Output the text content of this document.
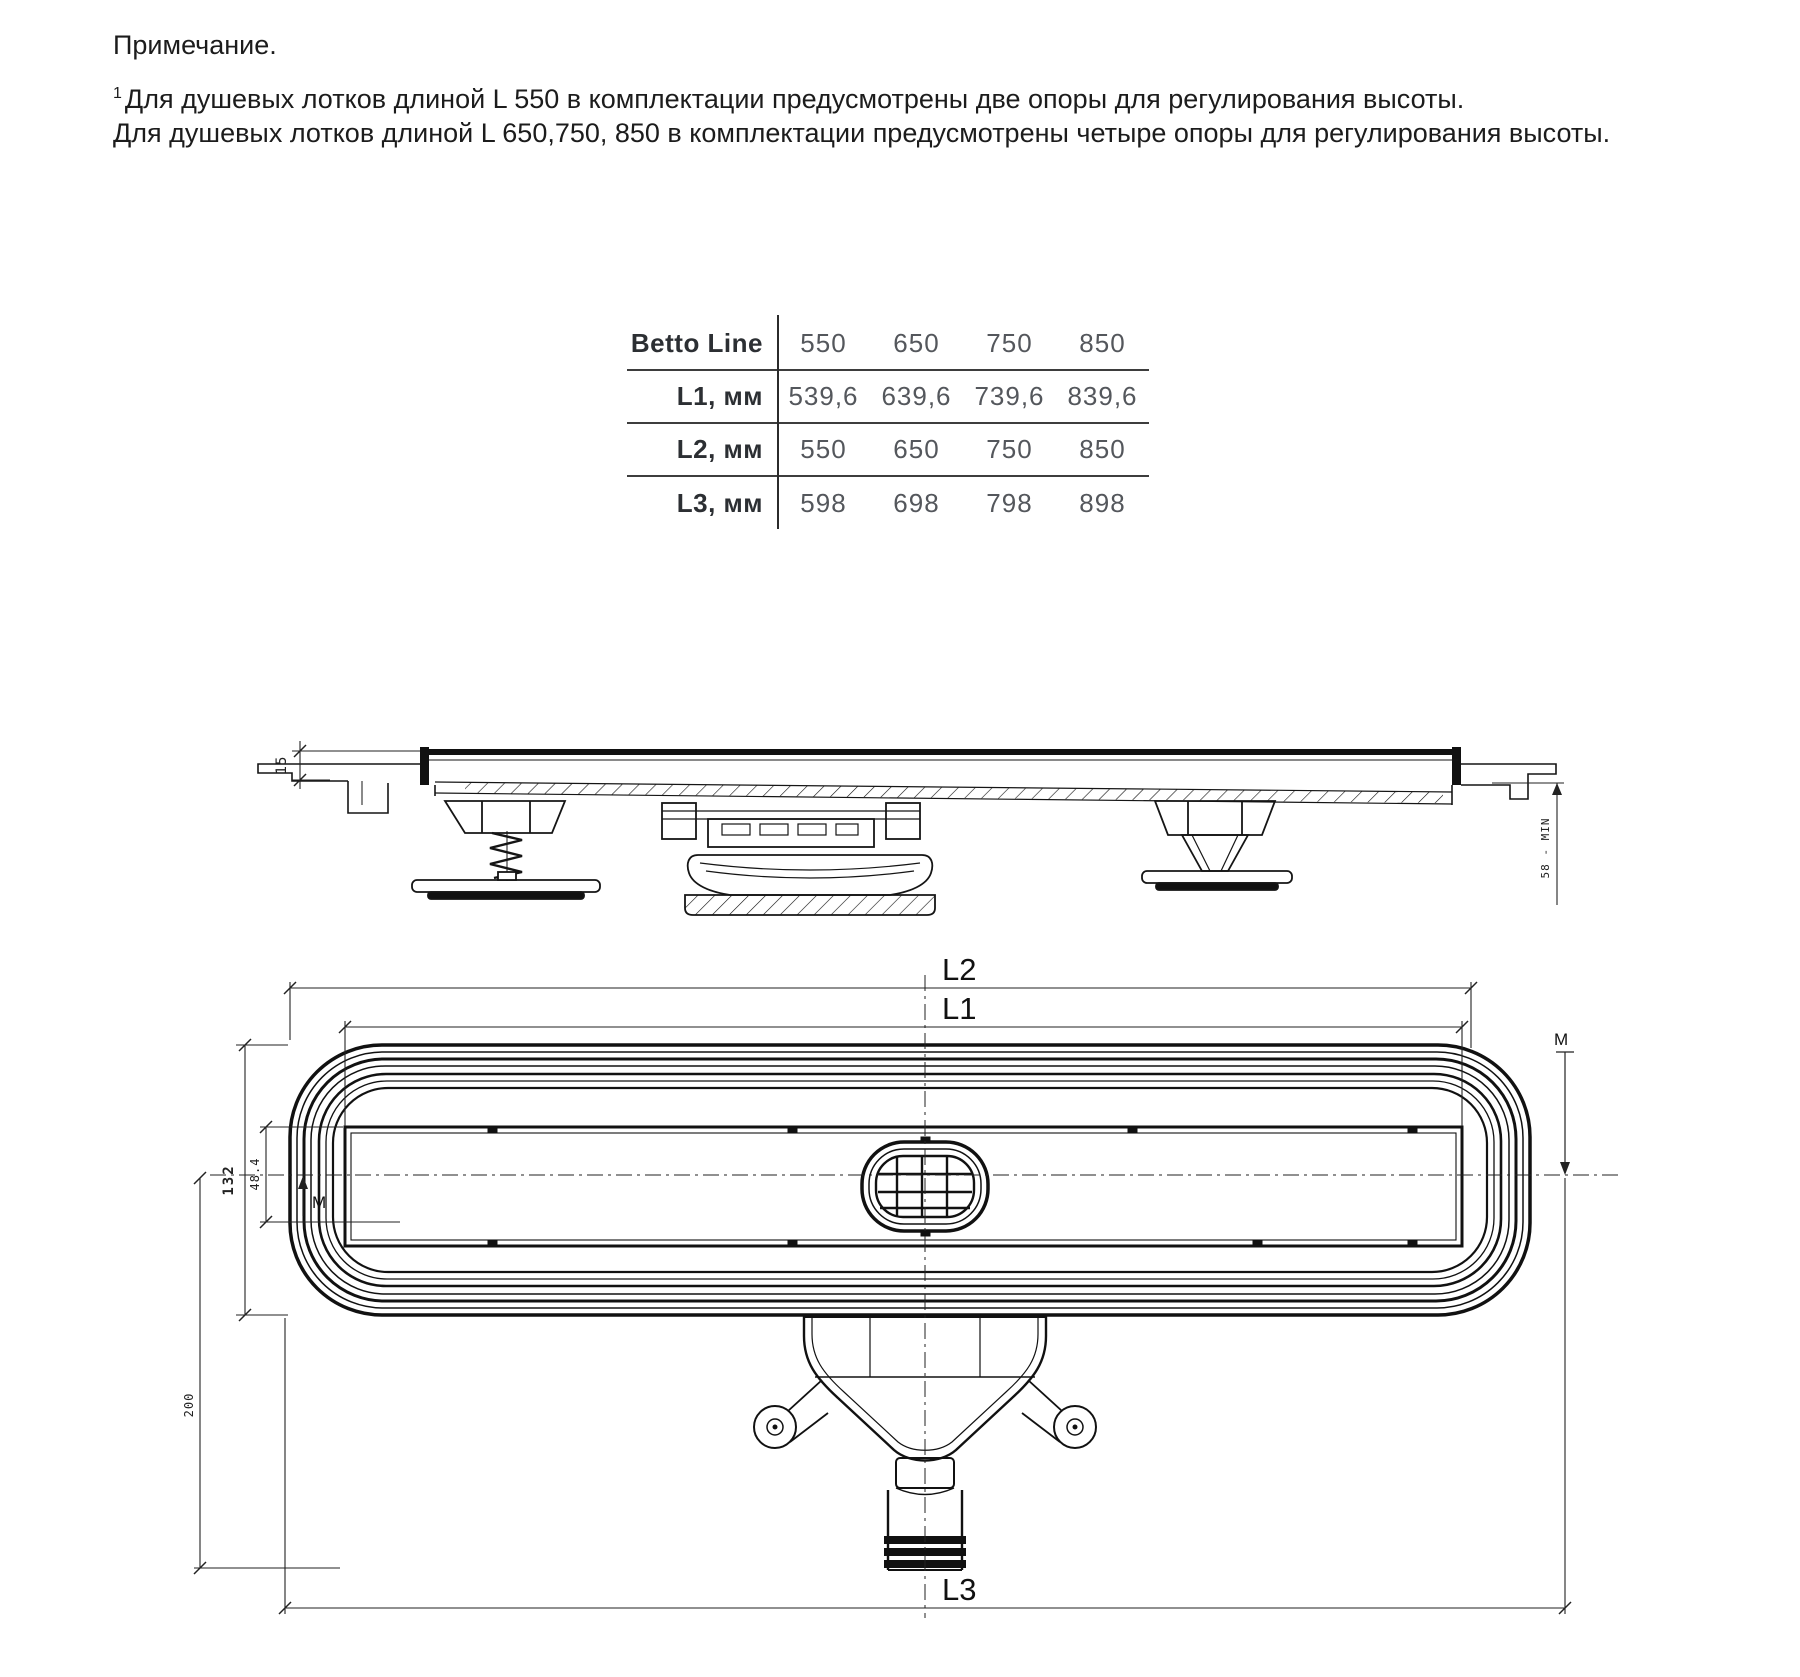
Примечание.
$^1$ Для душевых лотков длиной L 550 в комплектации предусмотрены две опоры для регулирования высоты.
Для душевых лотков длиной L 650,750, 850 в комплектации предусмотрены четыре опоры для регулирования высоты.
Betto Line	550	650	750	850
L1, мм 539,6 639,6 739,6 839,6
L2, мм	550	650	750	850
L3, мм	598	698	798	898
15
58 - MIN
L2
L1
132 48.4
M
M
200
L3
